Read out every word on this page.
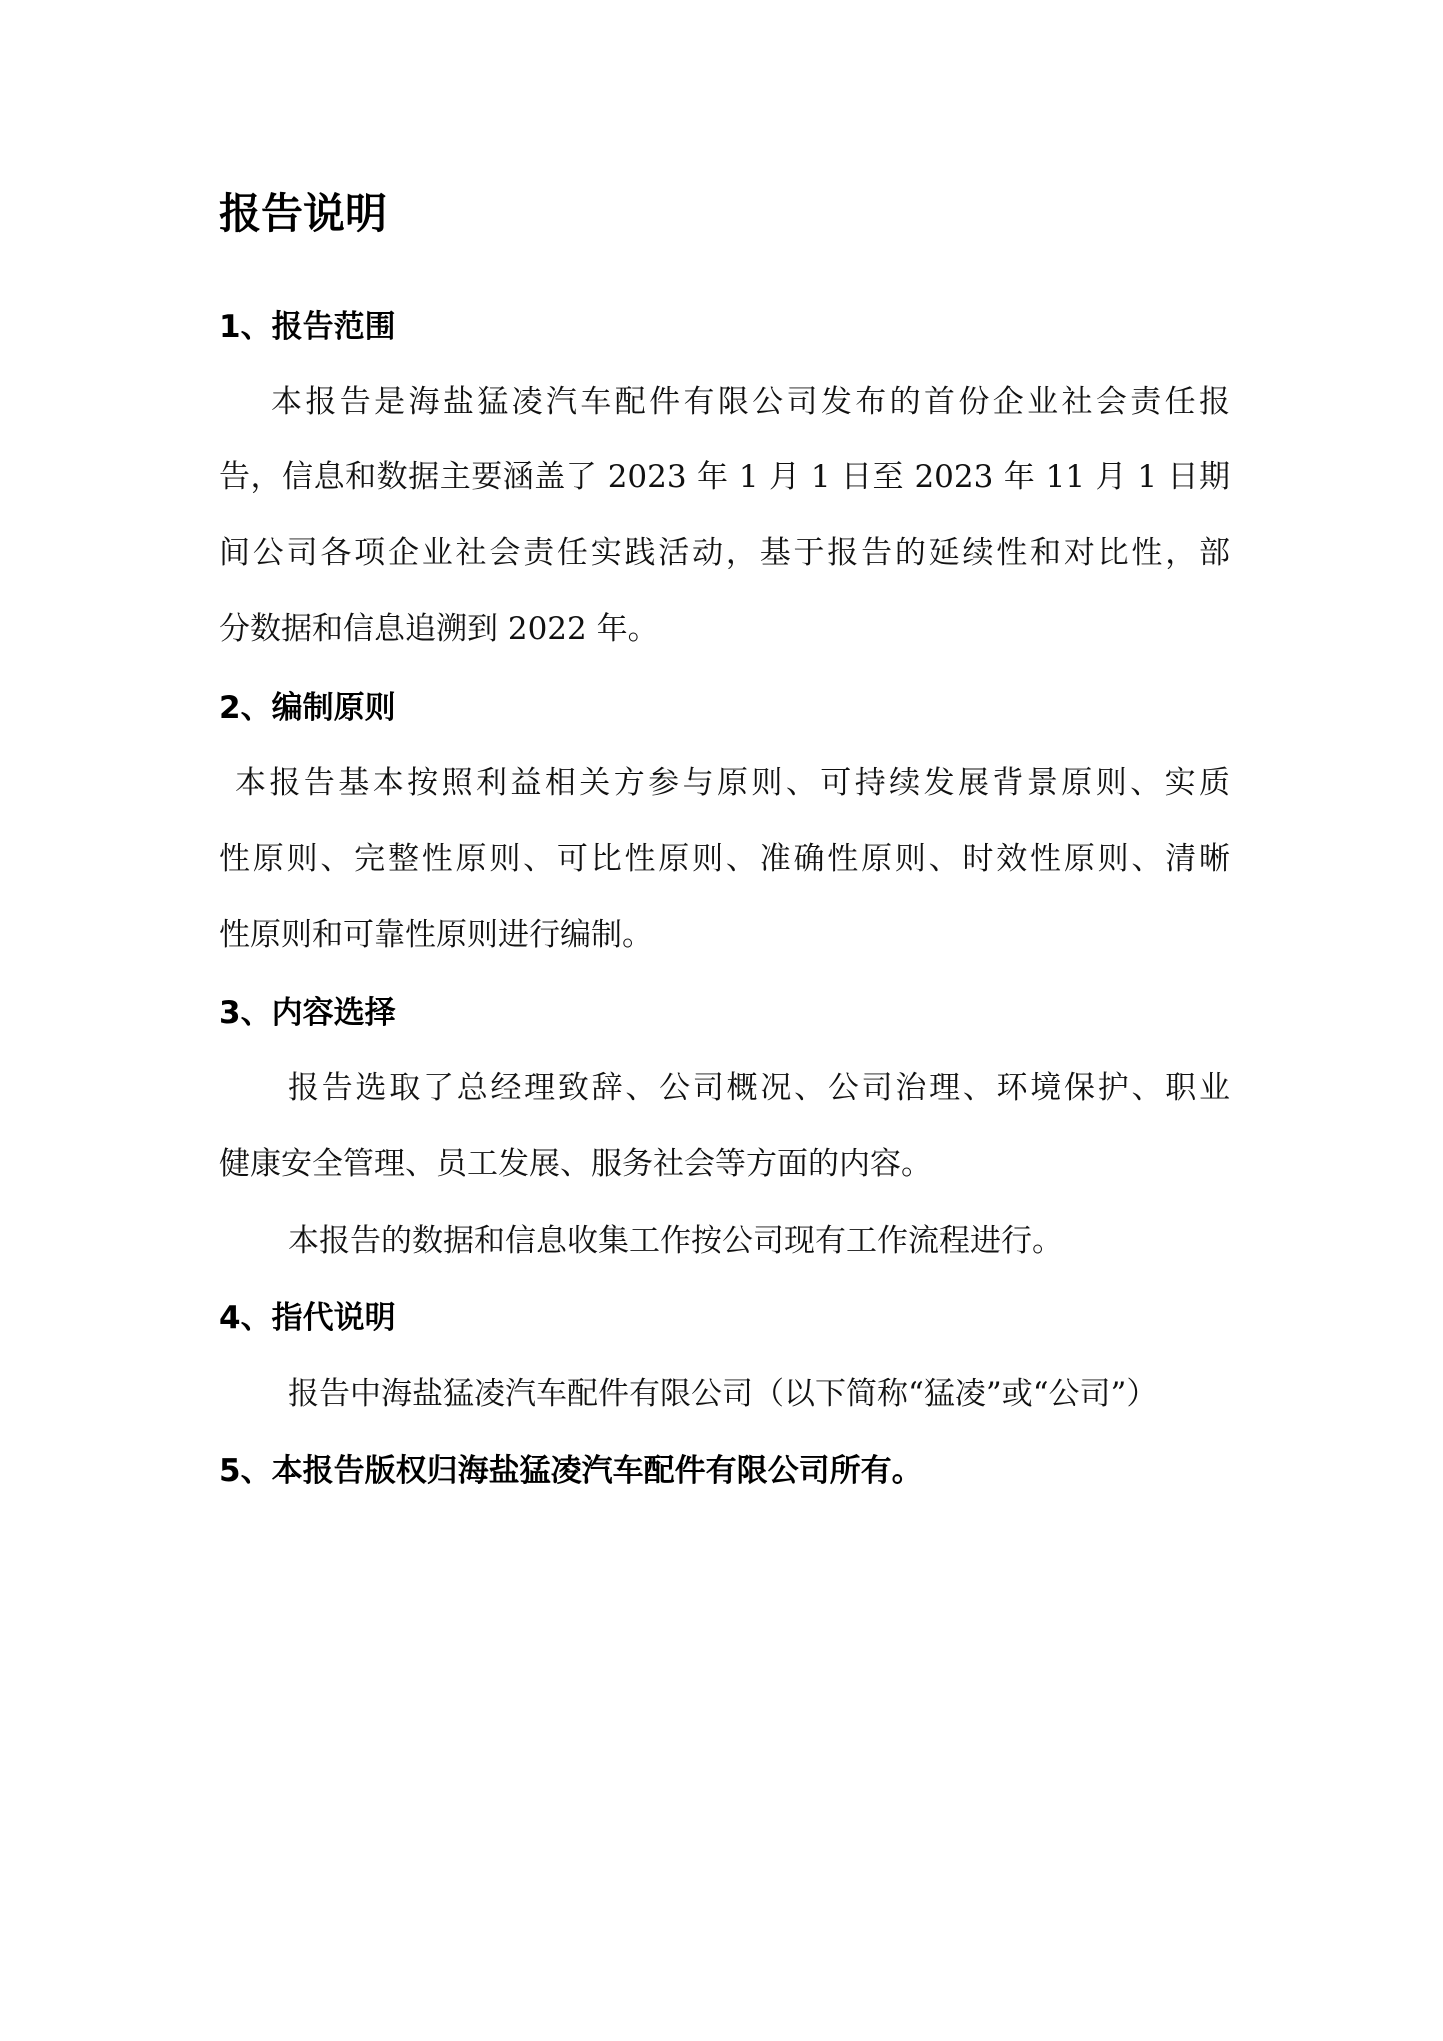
报告说明
1、报告范围

本报告是海盐猛凌汽车配件有限公司发布的首份企业社会责任报

告，信息和数据主要涵盖了 2023 年 1 月 1 日至 2023 年 11 月 1 日期

间公司各项企业社会责任实践活动，基于报告的延续性和对比性，部

分数据和信息追溯到 2022 年。

2、编制原则

本报告基本按照利益相关方参与原则、可持续发展背景原则、实质

性原则、完整性原则、可比性原则、准确性原则、时效性原则、清晰

性原则和可靠性原则进行编制。

3、内容选择

报告选取了总经理致辞、公司概况、公司治理、环境保护、职业

健康安全管理、员工发展、服务社会等方面的内容。

本报告的数据和信息收集工作按公司现有工作流程进行。

4、指代说明

报告中海盐猛凌汽车配件有限公司（以下简称“猛凌”或“公司”）

5、本报告版权归海盐猛凌汽车配件有限公司所有。
